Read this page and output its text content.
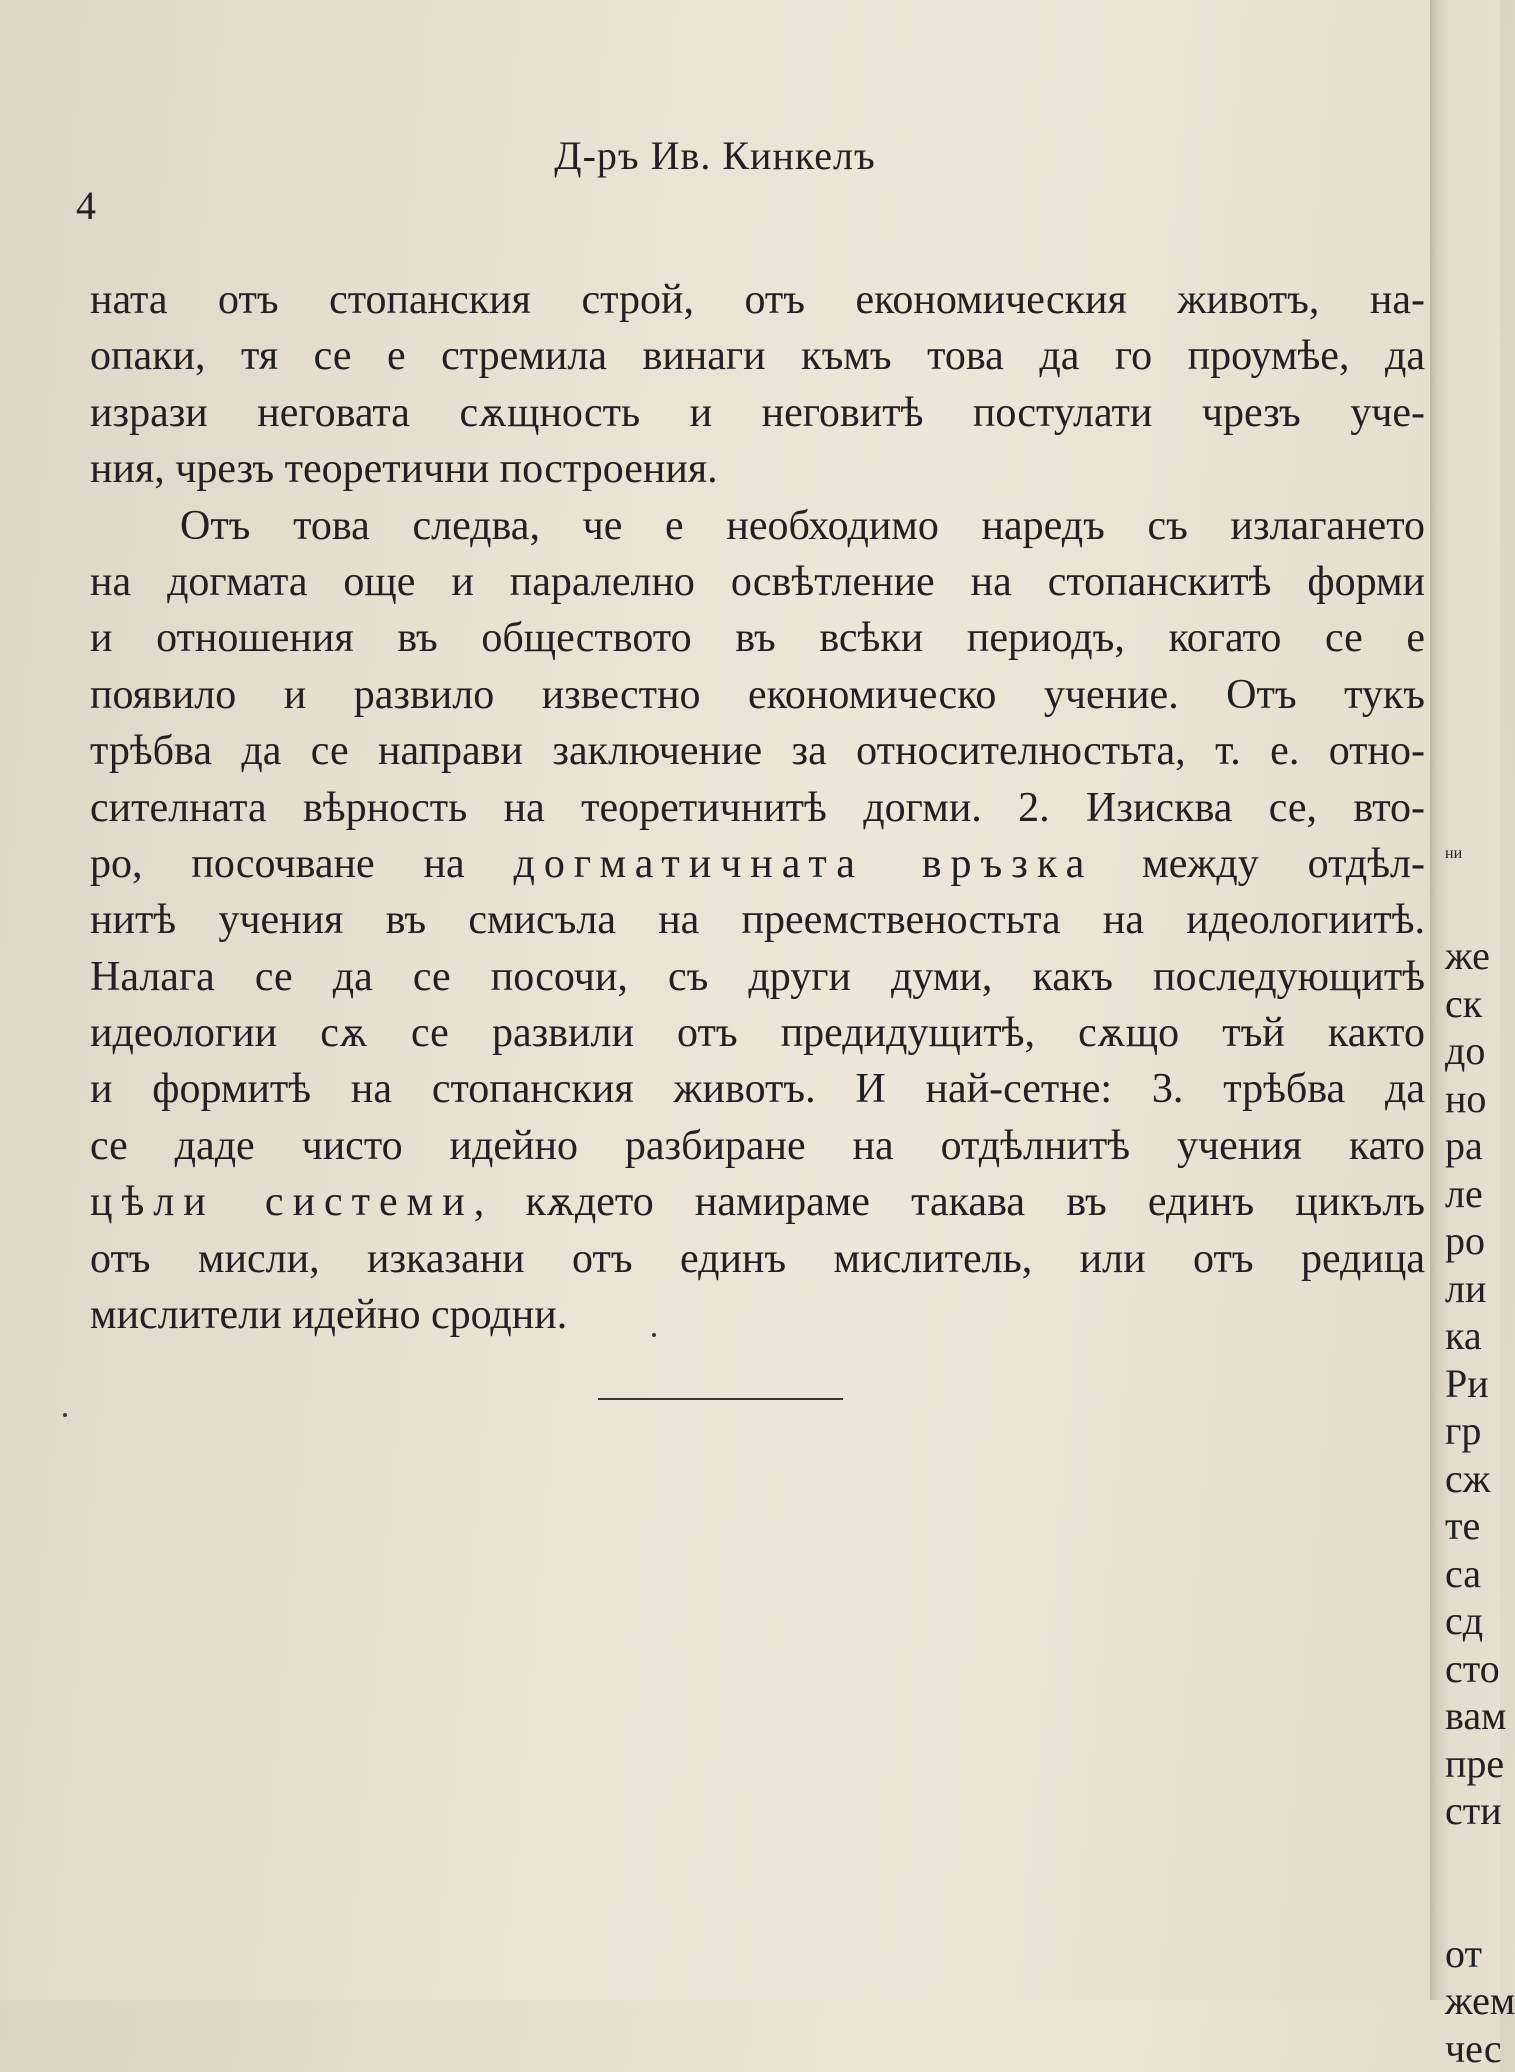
Д-ръ Ив. Кинкелъ
4
ната отъ стопанския строй, отъ економическия животъ, на-
опаки, тя се е стремила винаги къмъ това да го проумѣе, да
изрази неговата сѫщность и неговитѣ постулати чрезъ уче-
ния, чрезъ теоретични построения.
Отъ това следва, че е необходимо наредъ съ излагането
на догмата още и паралелно освѣтление на стопанскитѣ форми
и отношения въ обществото въ всѣки периодъ, когато се е
появило и развило известно економическо учение. Отъ тукъ
трѣбва да се направи заключение за относителностьта, т. е. отно-
сителната вѣрность на теоретичнитѣ догми. 2. Изисква се, вто-
ро, посочване на догматичната връзка между отдѣл-
нитѣ учения въ смисъла на преемственостьта на идеологиитѣ.
Налага се да се посочи, съ други думи, какъ последующитѣ
идеологии сѫ се развили отъ предидущитѣ, сѫщо тъй както
и формитѣ на стопанския животъ. И най-сетне: 3. трѣбва да
се даде чисто идейно разбиране на отдѣлнитѣ учения като
цѣли системи, кѫдето намираме такава въ единъ цикълъ
отъ мисли, изказани отъ единъ мислитель, или отъ редица
мислители идейно сродни.
ни
же
ск
до
но
ра
ле
ро
ли
ка
Ри
гр
сж
те
са
сд
сто
вам
пре
сти
от
жем
чес
